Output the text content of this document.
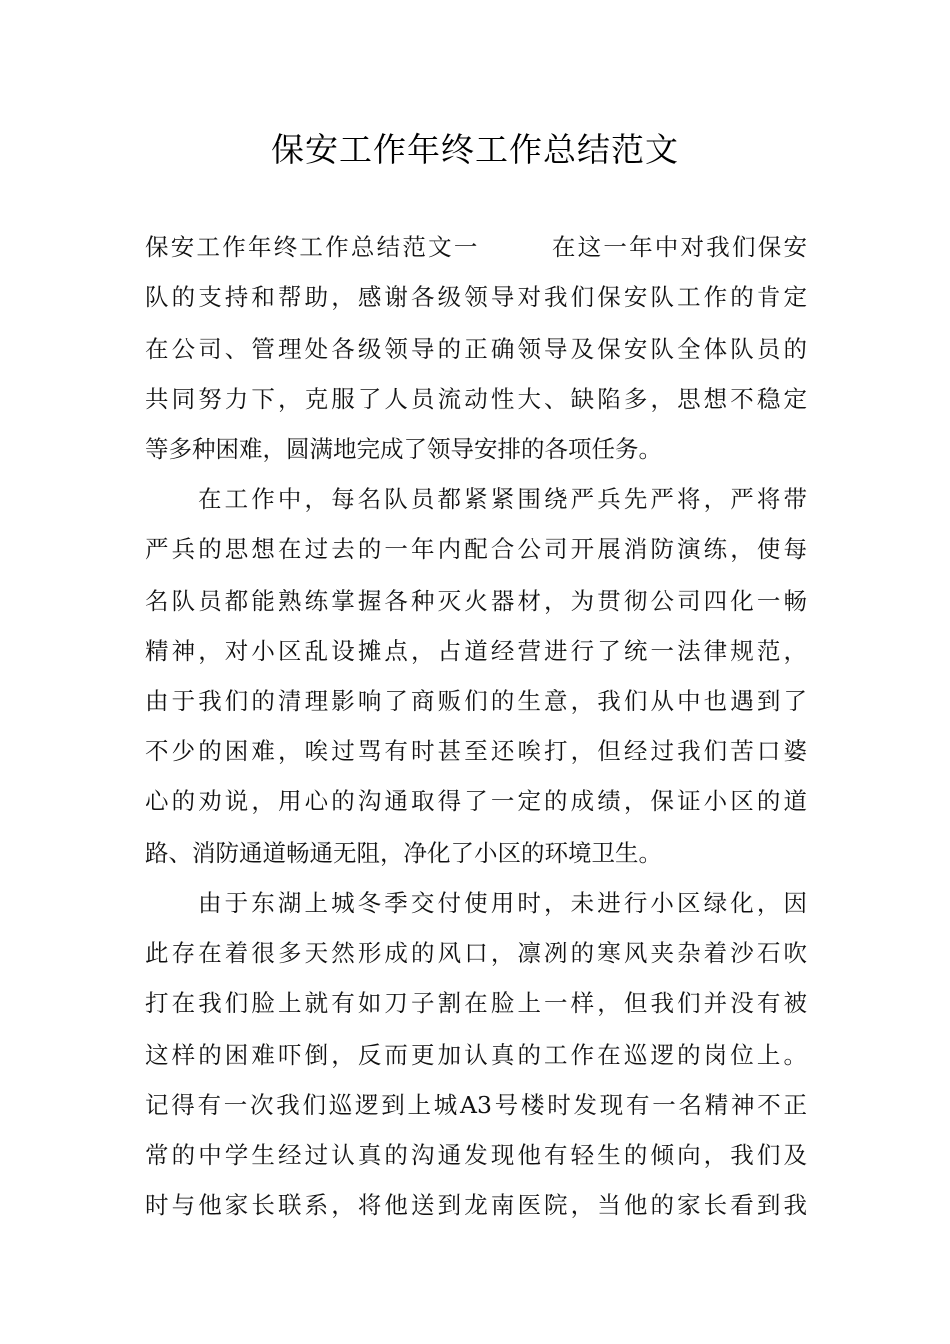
保安工作年终工作总结范文
保安工作年终工作总结范文一	在这一年中对我们保安
队的支持和帮助，感谢各级领导对我们保安队工作的肯定
在公司、管理处各级领导的正确领导及保安队全体队员的
共同努力下，克服了人员流动性大、缺陷多，思想不稳定
等多种困难，圆满地完成了领导安排的各项任务。
在工作中，每名队员都紧紧围绕严兵先严将，严将带
严兵的思想在过去的一年内配合公司开展消防演练，使每
名队员都能熟练掌握各种灭火器材，为贯彻公司四化一畅
精神，对小区乱设摊点，占道经营进行了统一法律规范，
由于我们的清理影响了商贩们的生意，我们从中也遇到了
不少的困难，唉过骂有时甚至还唉打，但经过我们苦口婆
心的劝说，用心的沟通取得了一定的成绩，保证小区的道
路、消防通道畅通无阻，净化了小区的环境卫生。
由于东湖上城冬季交付使用时，未进行小区绿化，因
此存在着很多天然形成的风口，凛冽的寒风夹杂着沙石吹
打在我们脸上就有如刀子割在脸上一样，但我们并没有被
这样的困难吓倒，反而更加认真的工作在巡逻的岗位上。
记得有一次我们巡逻到上城A3号楼时发现有一名精神不正
常的中学生经过认真的沟通发现他有轻生的倾向，我们及
时与他家长联系，将他送到龙南医院，当他的家长看到我
